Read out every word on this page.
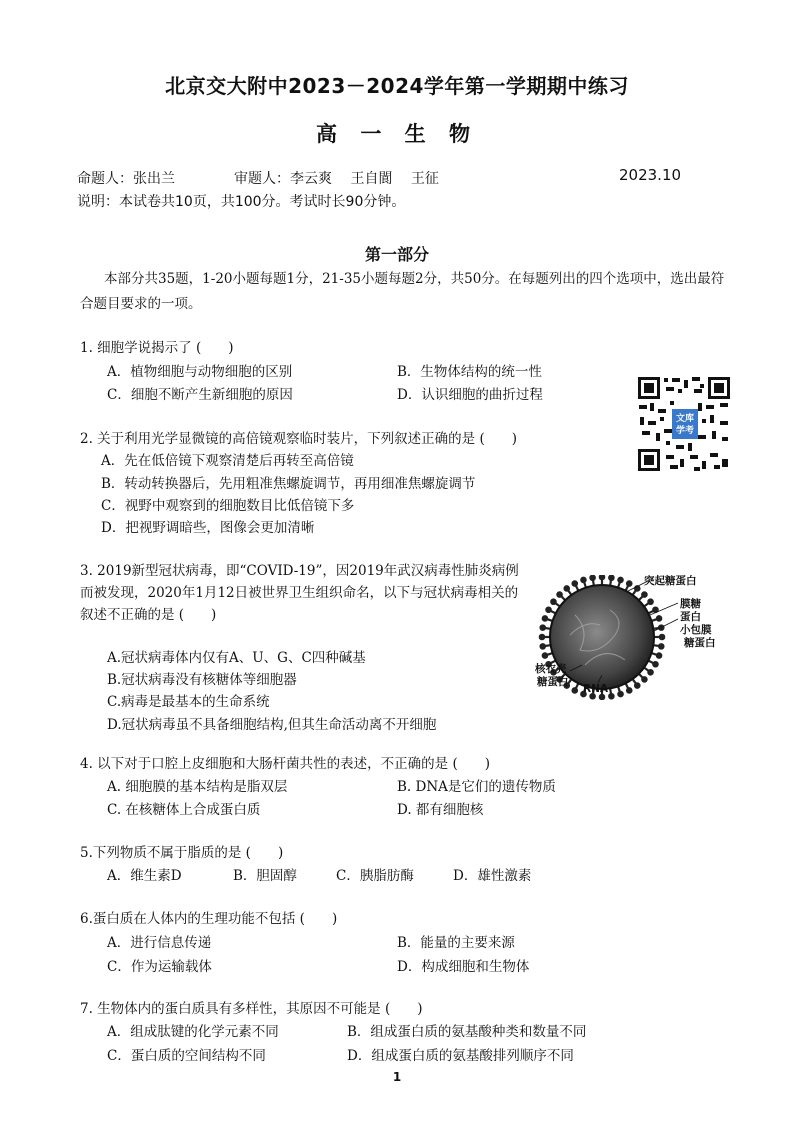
北京交大附中2023－2024学年第一学期期中练习
高 一 生 物
命题人：张出兰	审题人：李云爽　 王自閬　 王征	2023.10
说明：本试卷共10页，共100分。考试时长90分钟。
第一部分
本部分共35题，1-20小题每题1分，21-35小题每题2分，共50分。在每题列出的四个选项中，选出最符
合题目要求的一项。
1. 细胞学说揭示了 (　　)
A．植物细胞与动物细胞的区别	B．生物体结构的统一性
C．细胞不断产生新细胞的原因	D．认识细胞的曲折过程
文库
学考
2. 关于利用光学显微镜的高倍镜观察临时装片，下列叙述正确的是 (　　)
A．先在低倍镜下观察清楚后再转至高倍镜
B．转动转换器后，先用粗准焦螺旋调节，再用细准焦螺旋调节
C．视野中观察到的细胞数目比低倍镜下多
D．把视野调暗些，图像会更加清晰
3. 2019新型冠状病毒，即“COVID-19”，因2019年武汉病毒性肺炎病例
而被发现，2020年1月12日被世界卫生组织命名，以下与冠状病毒相关的
叙述不正确的是 (　　)
A.冠状病毒体内仅有A、U、G、C四种碱基
B.冠状病毒没有核糖体等细胞器
C.病毒是最基本的生命系统
D.冠状病毒虽不具备细胞结构,但其生命活动离不开细胞
突起糖蛋白
膜糖
蛋白
小包膜
糖蛋白
核衣壳
糖蛋白
RNA
4. 以下对于口腔上皮细胞和大肠杆菌共性的表述，不正确的是 (　　)
A. 细胞膜的基本结构是脂双层	B. DNA是它们的遗传物质
C. 在核糖体上合成蛋白质	D. 都有细胞核
5.下列物质不属于脂质的是 (　　)
A．维生素D	B．胆固醇	C．胰脂肪酶	D．雄性激素
6.蛋白质在人体内的生理功能不包括 (　　)
A．进行信息传递	B．能量的主要来源
C．作为运输载体	D．构成细胞和生物体
7. 生物体内的蛋白质具有多样性，其原因不可能是 (　　)
A．组成肽键的化学元素不同	B．组成蛋白质的氨基酸种类和数量不同
C．蛋白质的空间结构不同	D．组成蛋白质的氨基酸排列顺序不同
1
